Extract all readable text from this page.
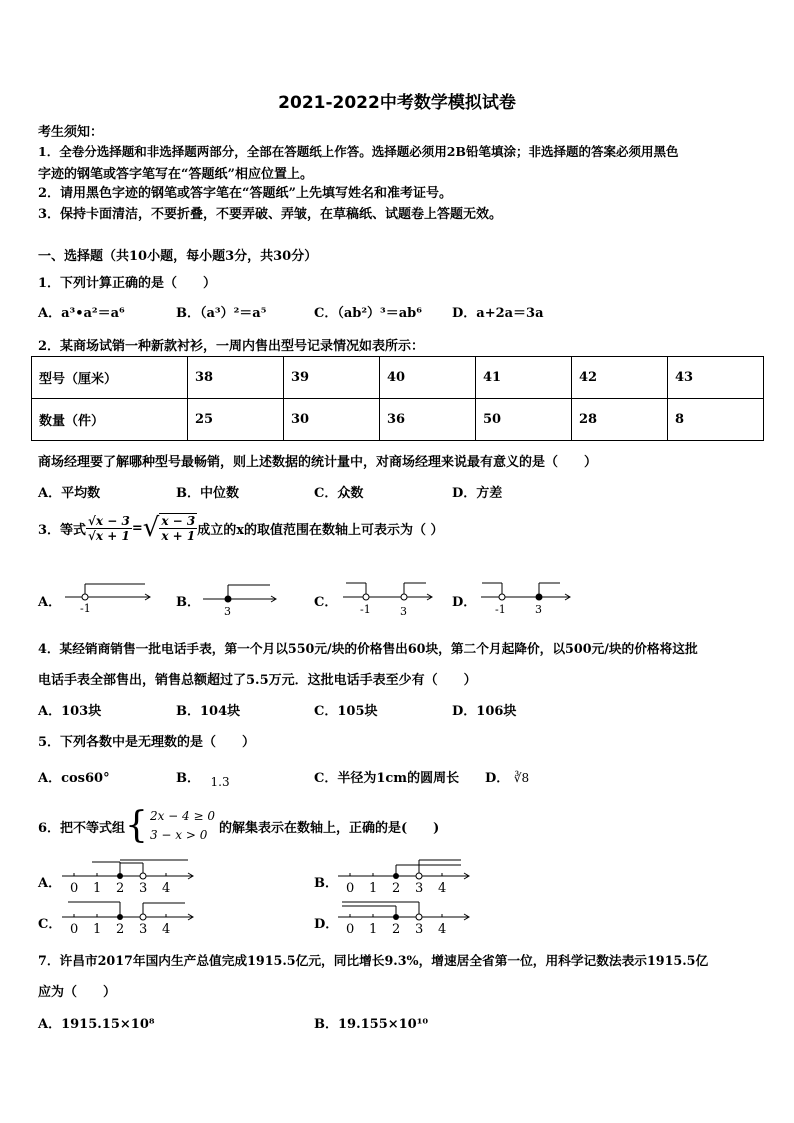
2021-2022中考数学模拟试卷
考生须知：
1．全卷分选择题和非选择题两部分，全部在答题纸上作答。选择题必须用2B铅笔填涂；非选择题的答案必须用黑色
字迹的钢笔或答字笔写在“答题纸”相应位置上。
2．请用黑色字迹的钢笔或答字笔在“答题纸”上先填写姓名和准考证号。
3．保持卡面清洁，不要折叠，不要弄破、弄皱，在草稿纸、试题卷上答题无效。
一、选择题（共10小题，每小题3分，共30分）
1．下列计算正确的是（　　）
A．a³•a²＝a⁶	B．（a³）²＝a⁵	C．（ab²）³＝ab⁶ D．a+2a＝3a
2．某商场试销一种新款衬衫，一周内售出型号记录情况如表所示：
型号（厘米）	38	39	40	41	42	43
数量（件）	25	30	36	50	28	8
商场经理要了解哪种型号最畅销，则上述数据的统计量中，对商场经理来说最有意义的是（　　）
A．平均数	B．中位数	C．众数	D．方差
3．等式 $\frac{√x - 3}{√x + 1}$ = √ $\frac{x - 3}{x + 1}$ 成立的x的取值范围在数轴上可表示为（ ）
A． -1	B．
3
C． -1	3
D． -1	3
4．某经销商销售一批电话手表，第一个月以550元/块的价格售出60块，第二个月起降价，以500元/块的价格将这批
电话手表全部售出，销售总额超过了5.5万元．这批电话手表至少有（　　）
A．103块	B．104块	C．105块	D．106块
5．下列各数中是无理数的是（　　）
A．cos60°	B． 1.3	C．半径为1cm的圆周长 D． ∛8
6．把不等式组 { 2x − 4 ≥ 0
3 − x > 0 的解集表示在数轴上，正确的是(　　)
A． 0 1 2 3 4	B． 0 1 2 3 4
C． 0 1 2 3 4	D． 0 1 2 3 4
7．许昌市2017年国内生产总值完成1915.5亿元，同比增长9.3%，增速居全省第一位，用科学记数法表示1915.5亿
应为（　　）
A．1915.15×10⁸	B．19.155×10¹⁰
